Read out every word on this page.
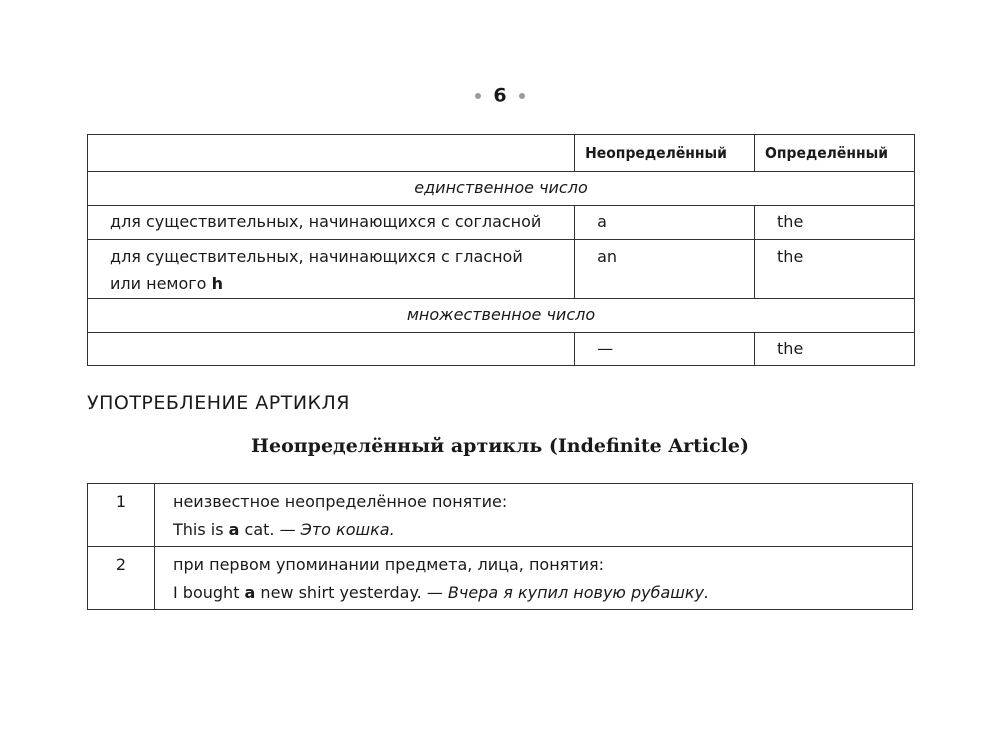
6
	Неопределённый	Определённый
единственное число		
для существительных, начинающихся с согласной	a	the
для существительных, начинающихся с гласной или немого h	an	the
множественное число		
	—	the
УПОТРЕБЛЕНИЕ АРТИКЛЯ
Неопределённый артикль (Indefinite Article)
1	неизвестное неопределённое понятие:
This is a cat. — Это кошка.

2	при первом упоминании предмета, лица, понятия:
I bought a new shirt yesterday. — Вчера я купил новую рубашку.
